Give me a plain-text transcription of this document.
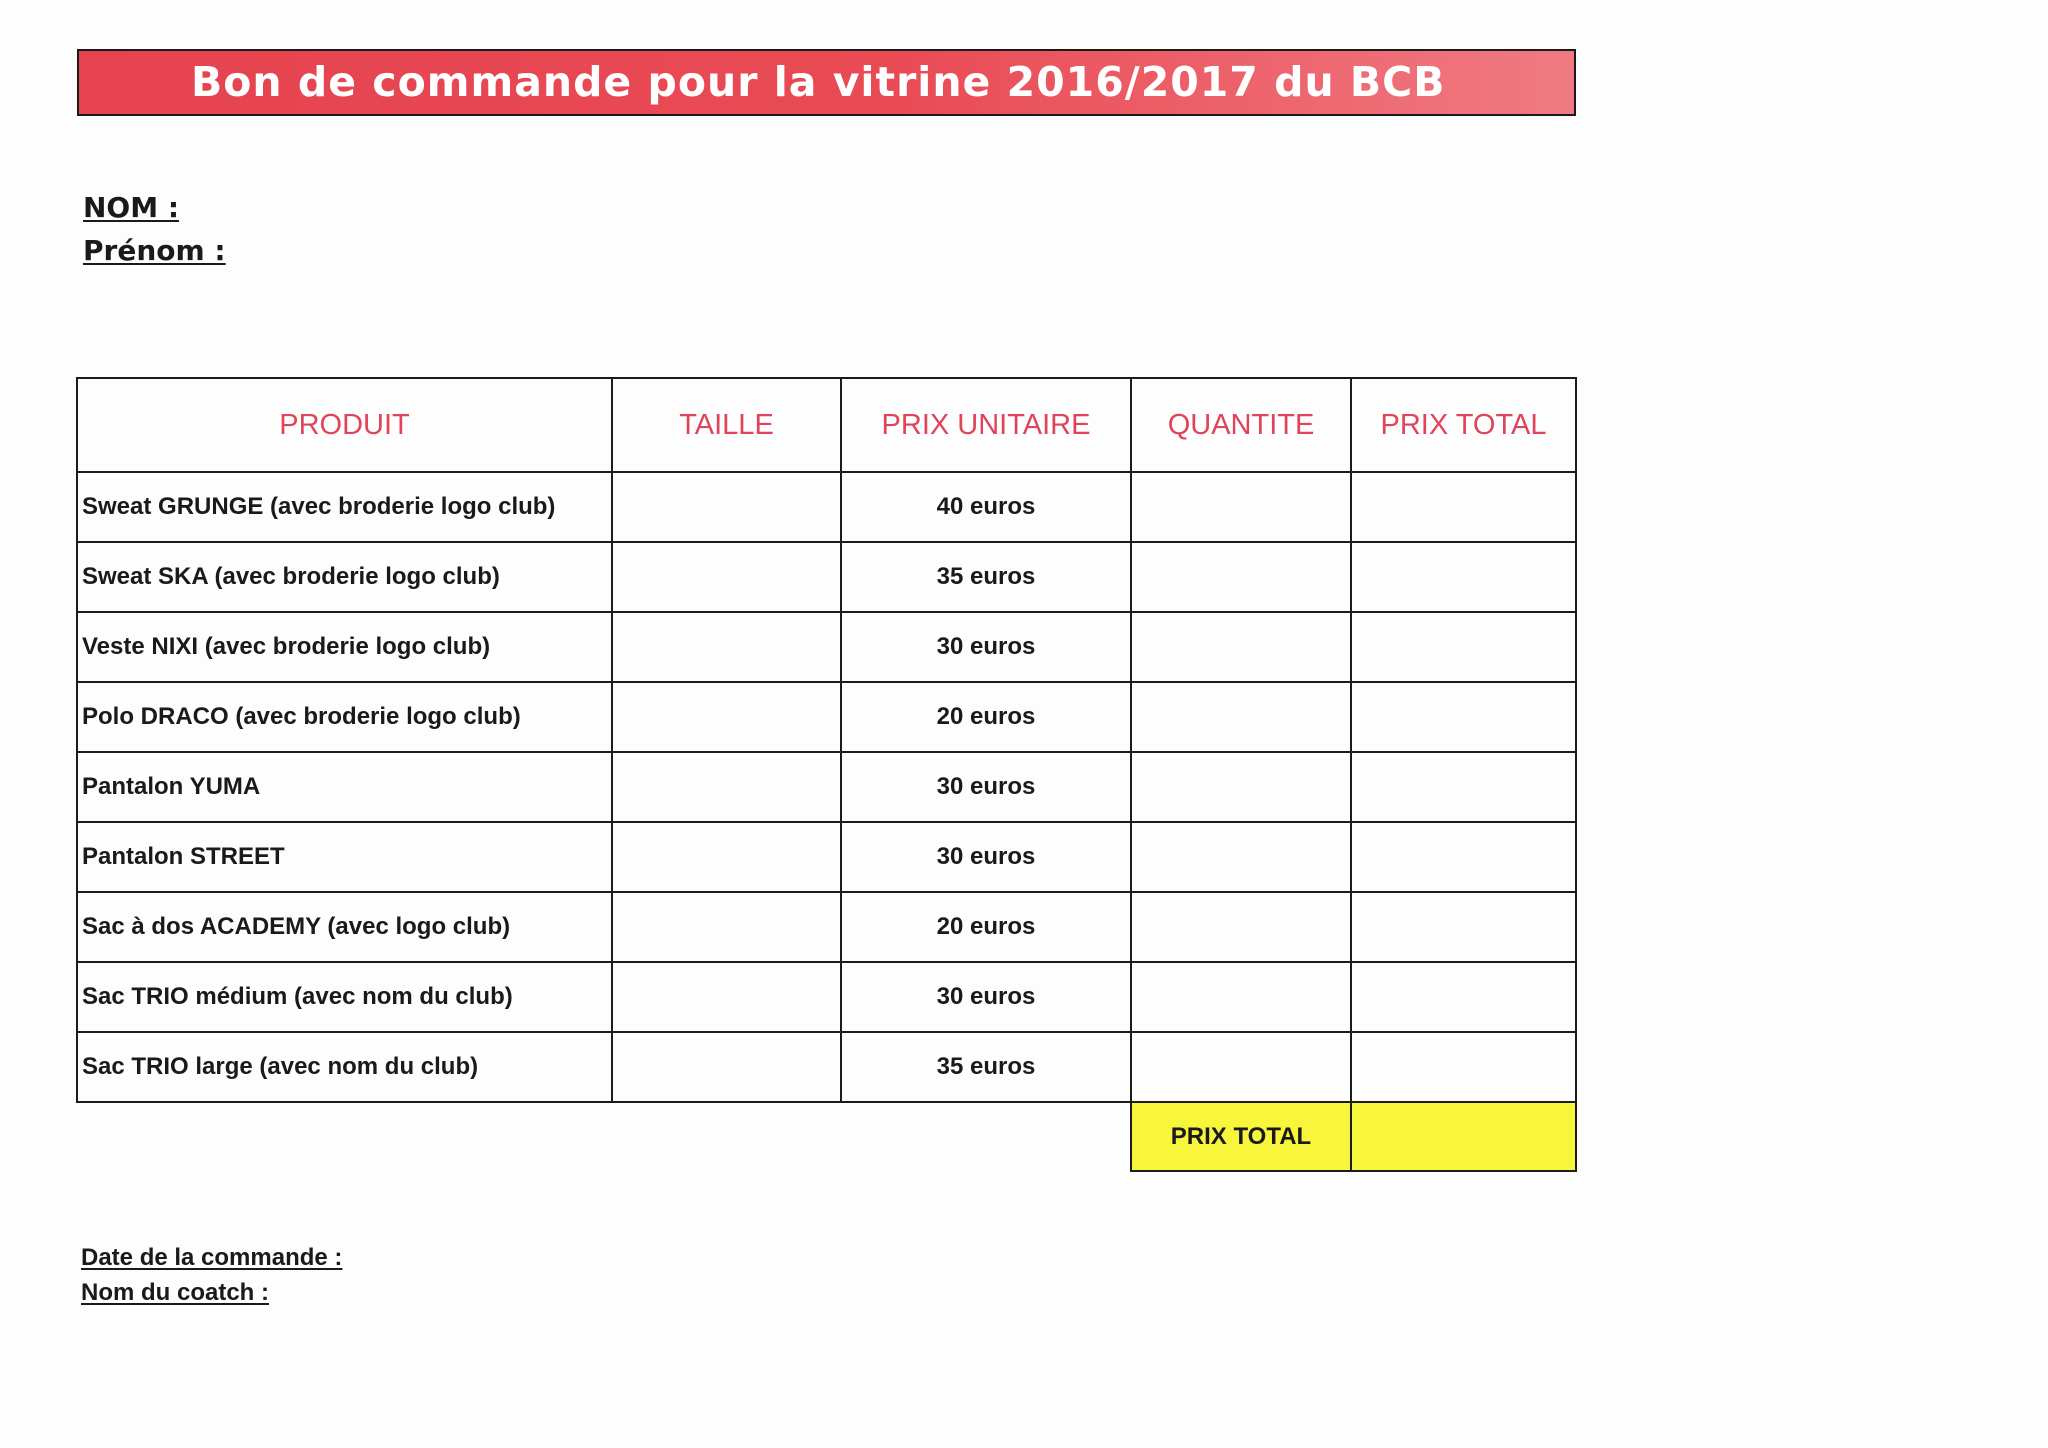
Bon de commande pour la vitrine 2016/2017 du BCB
NOM :
Prénom :
PRODUIT	TAILLE	PRIX UNITAIRE	QUANTITE	PRIX TOTAL
Sweat GRUNGE (avec broderie logo club)		40 euros		
Sweat SKA (avec broderie logo club)		35 euros		
Veste NIXI (avec broderie logo club)		30 euros		
Polo DRACO (avec broderie logo club)		20 euros		
Pantalon YUMA		30 euros		
Pantalon STREET		30 euros		
Sac à dos ACADEMY (avec logo club)		20 euros		
Sac TRIO médium (avec nom du club)		30 euros		
Sac TRIO large (avec nom du club)		35 euros		
			PRIX TOTAL	
Date de la commande :
Nom du coatch :
